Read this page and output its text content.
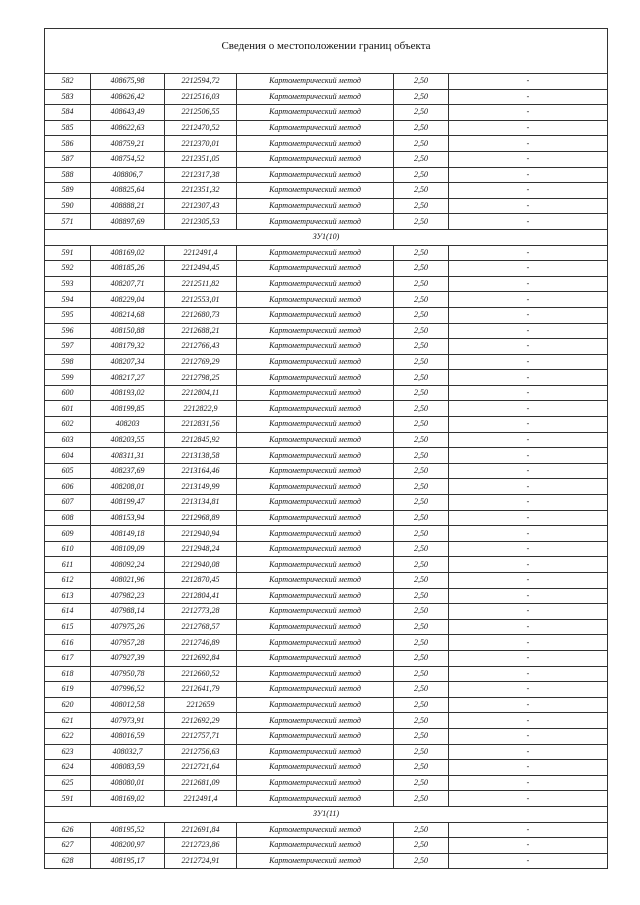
Сведения о местоположении границ объекта					
582	408675,98	2212594,72	Картометрический метод	2,50	-
583	408626,42	2212516,03	Картометрический метод	2,50	-
584	408643,49	2212506,55	Картометрический метод	2,50	-
585	408622,63	2212470,52	Картометрический метод	2,50	-
586	408759,21	2212370,01	Картометрический метод	2,50	-
587	408754,52	2212351,05	Картометрический метод	2,50	-
588	408806,7	2212317,38	Картометрический метод	2,50	-
589	408825,64	2212351,32	Картометрический метод	2,50	-
590	408888,21	2212307,43	Картометрический метод	2,50	-
571	408897,69	2212305,53	Картометрический метод	2,50	-
ЗУ1(10)					
591	408169,02	2212491,4	Картометрический метод	2,50	-
592	408185,26	2212494,45	Картометрический метод	2,50	-
593	408207,71	2212511,82	Картометрический метод	2,50	-
594	408229,04	2212553,01	Картометрический метод	2,50	-
595	408214,68	2212680,73	Картометрический метод	2,50	-
596	408150,88	2212688,21	Картометрический метод	2,50	-
597	408179,32	2212766,43	Картометрический метод	2,50	-
598	408207,34	2212769,29	Картометрический метод	2,50	-
599	408217,27	2212798,25	Картометрический метод	2,50	-
600	408193,02	2212804,11	Картометрический метод	2,50	-
601	408199,85	2212822,9	Картометрический метод	2,50	-
602	408203	2212831,56	Картометрический метод	2,50	-
603	408203,55	2212845,92	Картометрический метод	2,50	-
604	408311,31	2213138,58	Картометрический метод	2,50	-
605	408237,69	2213164,46	Картометрический метод	2,50	-
606	408208,01	2213149,99	Картометрический метод	2,50	-
607	408199,47	2213134,81	Картометрический метод	2,50	-
608	408153,94	2212968,89	Картометрический метод	2,50	-
609	408149,18	2212940,94	Картометрический метод	2,50	-
610	408109,09	2212948,24	Картометрический метод	2,50	-
611	408092,24	2212940,08	Картометрический метод	2,50	-
612	408021,96	2212870,45	Картометрический метод	2,50	-
613	407982,23	2212804,41	Картометрический метод	2,50	-
614	407988,14	2212773,28	Картометрический метод	2,50	-
615	407975,26	2212768,57	Картометрический метод	2,50	-
616	407957,28	2212746,89	Картометрический метод	2,50	-
617	407927,39	2212692,84	Картометрический метод	2,50	-
618	407950,78	2212660,52	Картометрический метод	2,50	-
619	407996,52	2212641,79	Картометрический метод	2,50	-
620	408012,58	2212659	Картометрический метод	2,50	-
621	407973,91	2212692,29	Картометрический метод	2,50	-
622	408016,59	2212757,71	Картометрический метод	2,50	-
623	408032,7	2212756,63	Картометрический метод	2,50	-
624	408083,59	2212721,64	Картометрический метод	2,50	-
625	408080,01	2212681,09	Картометрический метод	2,50	-
591	408169,02	2212491,4	Картометрический метод	2,50	-
ЗУ1(11)					
626	408195,52	2212691,84	Картометрический метод	2,50	-
627	408200,97	2212723,86	Картометрический метод	2,50	-
628	408195,17	2212724,91	Картометрический метод	2,50	-
